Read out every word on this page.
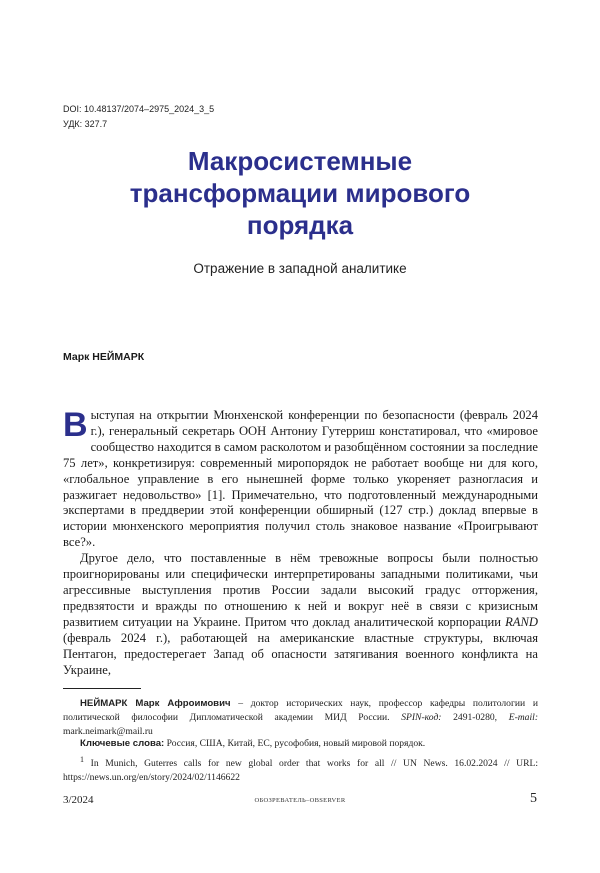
DOI: 10.48137/2074–2975_2024_3_5
УДК: 327.7
Макросистемные
трансформации мирового
порядка
Отражение в западной аналитике
Марк НЕЙМАРК

Выступая на открытии Мюнхенской конференции по безопасности (февраль 2024 г.), генеральный секретарь ООН Антониу Гутерриш констатировал, что «мировое сообщество находится в самом расколотом и разобщённом состоянии за последние 75 лет», конкретизируя: современный миропорядок не работает вообще ни для кого, «глобальное управление в его нынешней форме только укореняет разногласия и разжигает недовольство» [1]. Примечательно, что подготовленный международными экспертами в преддверии этой конференции обширный (127 стр.) доклад впервые в истории мюнхенского мероприятия получил столь знаковое название «Проигрывают все?».

Другое дело, что поставленные в нём тревожные вопросы были полностью проигнорированы или специфически интерпретированы западными политиками, чьи агрессивные выступления против России задали высокий градус отторжения, предвзятости и вражды по отношению к ней и вокруг неё в связи с кризисным развитием ситуации на Украине. Притом что доклад аналитической корпорации RAND (февраль 2024 г.), работающей на американские властные структуры, включая Пентагон, предостерегает Запад об опасности затягивания военного конфликта на Украине,

НЕЙМАРК Марк Афроимович – доктор исторических наук, профессор кафедры политологии и политической философии Дипломатической академии МИД России. SPIN-код: 2491-0280, E-mail: mark.neimark@mail.ru
Ключевые слова: Россия, США, Китай, ЕС, русофобия, новый мировой порядок.
$^1$ In Munich, Guterres calls for new global order that works for all // UN News. 16.02.2024 // URL: https://news.un.org/en/story/2024/02/1146622
3/2024	ОБОЗРЕВАТЕЛЬ–OBSERVER	5
